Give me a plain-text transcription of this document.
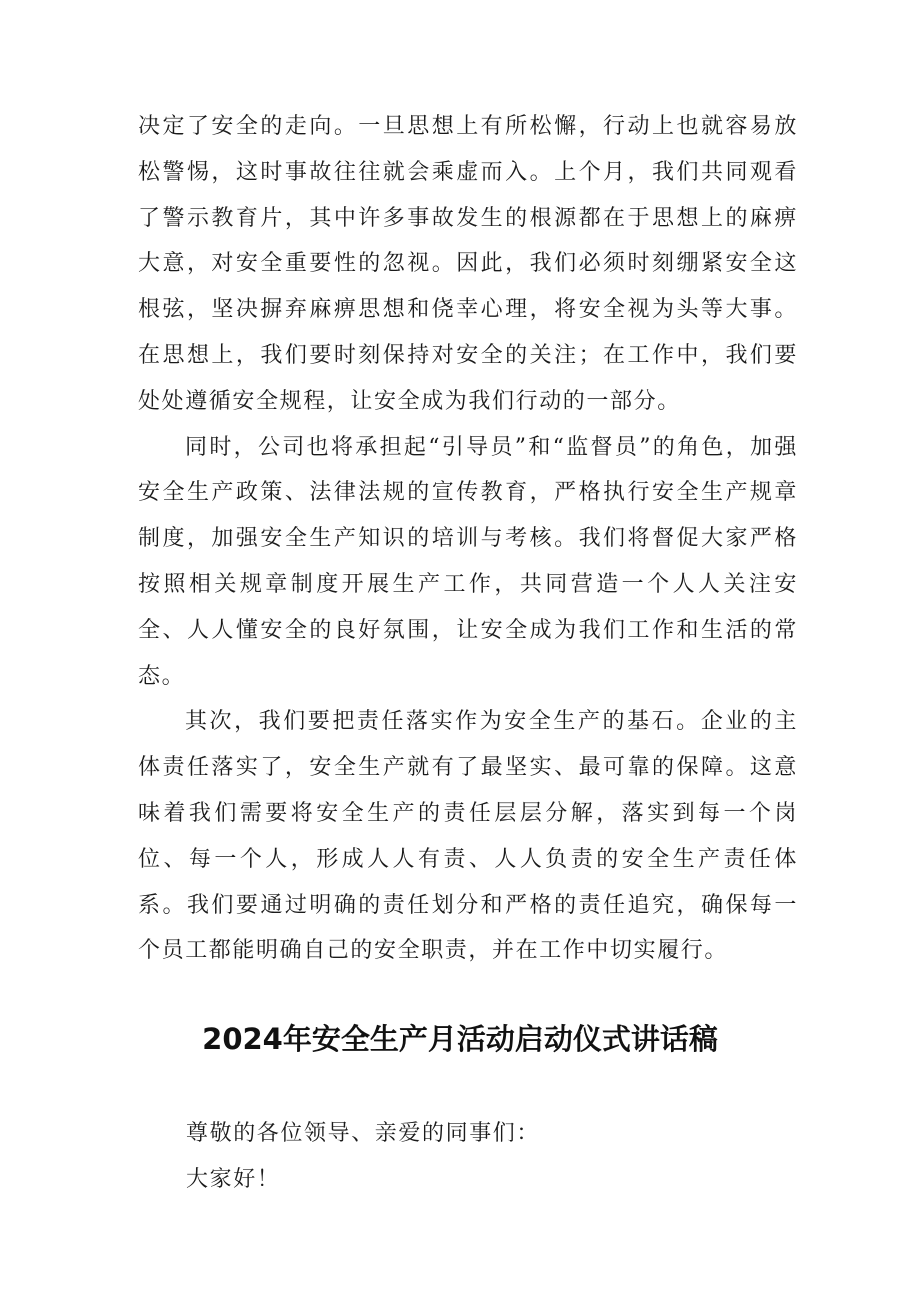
决定了安全的走向。一旦思想上有所松懈，行动上也就容易放松警惕，这时事故往往就会乘虚而入。上个月，我们共同观看了警示教育片，其中许多事故发生的根源都在于思想上的麻痹大意，对安全重要性的忽视。因此，我们必须时刻绷紧安全这根弦，坚决摒弃麻痹思想和侥幸心理，将安全视为头等大事。在思想上，我们要时刻保持对安全的关注；在工作中，我们要处处遵循安全规程，让安全成为我们行动的一部分。

同时，公司也将承担起“引导员”和“监督员”的角色，加强安全生产政策、法律法规的宣传教育，严格执行安全生产规章制度，加强安全生产知识的培训与考核。我们将督促大家严格按照相关规章制度开展生产工作，共同营造一个人人关注安全、人人懂安全的良好氛围，让安全成为我们工作和生活的常态。

其次，我们要把责任落实作为安全生产的基石。企业的主体责任落实了，安全生产就有了最坚实、最可靠的保障。这意味着我们需要将安全生产的责任层层分解，落实到每一个岗位、每一个人，形成人人有责、人人负责的安全生产责任体系。我们要通过明确的责任划分和严格的责任追究，确保每一个员工都能明确自己的安全职责，并在工作中切实履行。

2024年安全生产月活动启动仪式讲话稿

尊敬的各位领导、亲爱的同事们：

大家好！
